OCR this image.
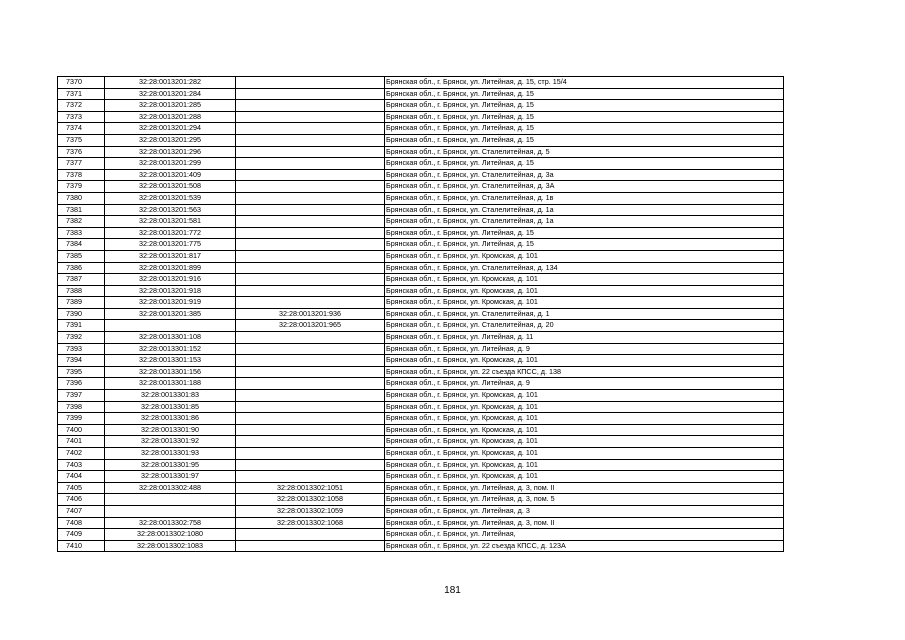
7370	32:28:0013201:282		Брянская обл., г. Брянск, ул. Литейная, д. 15, стр. 15/4
7371	32:28:0013201:284		Брянская обл., г. Брянск, ул. Литейная, д. 15
7372	32:28:0013201:285		Брянская обл., г. Брянск, ул. Литейная, д. 15
7373	32:28:0013201:288		Брянская обл., г. Брянск, ул. Литейная, д. 15
7374	32:28:0013201:294		Брянская обл., г. Брянск, ул. Литейная, д. 15
7375	32:28:0013201:295		Брянская обл., г. Брянск, ул. Литейная, д. 15
7376	32:28:0013201:296		Брянская обл., г. Брянск, ул. Сталелитейная, д. 5
7377	32:28:0013201:299		Брянская обл., г. Брянск, ул. Литейная, д. 15
7378	32:28:0013201:409		Брянская обл., г. Брянск, ул. Сталелитейная, д. 3а
7379	32:28:0013201:508		Брянская обл., г. Брянск, ул. Сталелитейная, д. 3А
7380	32:28:0013201:539		Брянская обл., г. Брянск, ул. Сталелитейная, д. 1в
7381	32:28:0013201:563		Брянская обл., г. Брянск, ул. Сталелитейная, д. 1а
7382	32:28:0013201:581		Брянская обл., г. Брянск, ул. Сталелитейная, д. 1а
7383	32:28:0013201:772		Брянская обл., г. Брянск, ул. Литейная, д. 15
7384	32:28:0013201:775		Брянская обл., г. Брянск, ул. Литейная, д. 15
7385	32:28:0013201:817		Брянская обл., г. Брянск, ул. Кромская, д. 101
7386	32:28:0013201:899		Брянская обл., г. Брянск, ул. Сталелитейная, д. 134
7387	32:28:0013201:916		Брянская обл., г. Брянск, ул. Кромская, д. 101
7388	32:28:0013201:918		Брянская обл., г. Брянск, ул. Кромская, д. 101
7389	32:28:0013201:919		Брянская обл., г. Брянск, ул. Кромская, д. 101
7390	32:28:0013201:385	32:28:0013201:936	Брянская обл., г. Брянск, ул. Сталелитейная, д. 1
7391		32:28:0013201:965	Брянская обл., г. Брянск, ул. Сталелитейная, д. 20
7392	32:28:0013301:108		Брянская обл., г. Брянск, ул. Литейная, д. 11
7393	32:28:0013301:152		Брянская обл., г. Брянск, ул. Литейная, д. 9
7394	32:28:0013301:153		Брянская обл., г. Брянск, ул. Кромская, д. 101
7395	32:28:0013301:156		Брянская обл., г. Брянск, ул. 22 съезда КПСС, д. 138
7396	32:28:0013301:188		Брянская обл., г. Брянск, ул. Литейная, д. 9
7397	32:28:0013301:83		Брянская обл., г. Брянск, ул. Кромская, д. 101
7398	32:28:0013301:85		Брянская обл., г. Брянск, ул. Кромская, д. 101
7399	32:28:0013301:86		Брянская обл., г. Брянск, ул. Кромская, д. 101
7400	32:28:0013301:90		Брянская обл., г. Брянск, ул. Кромская, д. 101
7401	32:28:0013301:92		Брянская обл., г. Брянск, ул. Кромская, д. 101
7402	32:28:0013301:93		Брянская обл., г. Брянск, ул. Кромская, д. 101
7403	32:28:0013301:95		Брянская обл., г. Брянск, ул. Кромская, д. 101
7404	32:28:0013301:97		Брянская обл., г. Брянск, ул. Кромская, д. 101
7405	32:28:0013302:488	32:28:0013302:1051	Брянская обл., г. Брянск, ул. Литейная, д. 3, пом. II
7406		32:28:0013302:1058	Брянская обл., г. Брянск, ул. Литейная, д. 3, пом. 5
7407		32:28:0013302:1059	Брянская обл., г. Брянск, ул. Литейная, д. 3
7408	32:28:0013302:758	32:28:0013302:1068	Брянская обл., г. Брянск, ул. Литейная, д. 3, пом. II
7409	32:28:0013302:1080		Брянская обл., г. Брянск, ул. Литейная,
7410	32:28:0013302:1083		Брянская обл., г. Брянск, ул. 22 съезда КПСС, д. 123А
181
